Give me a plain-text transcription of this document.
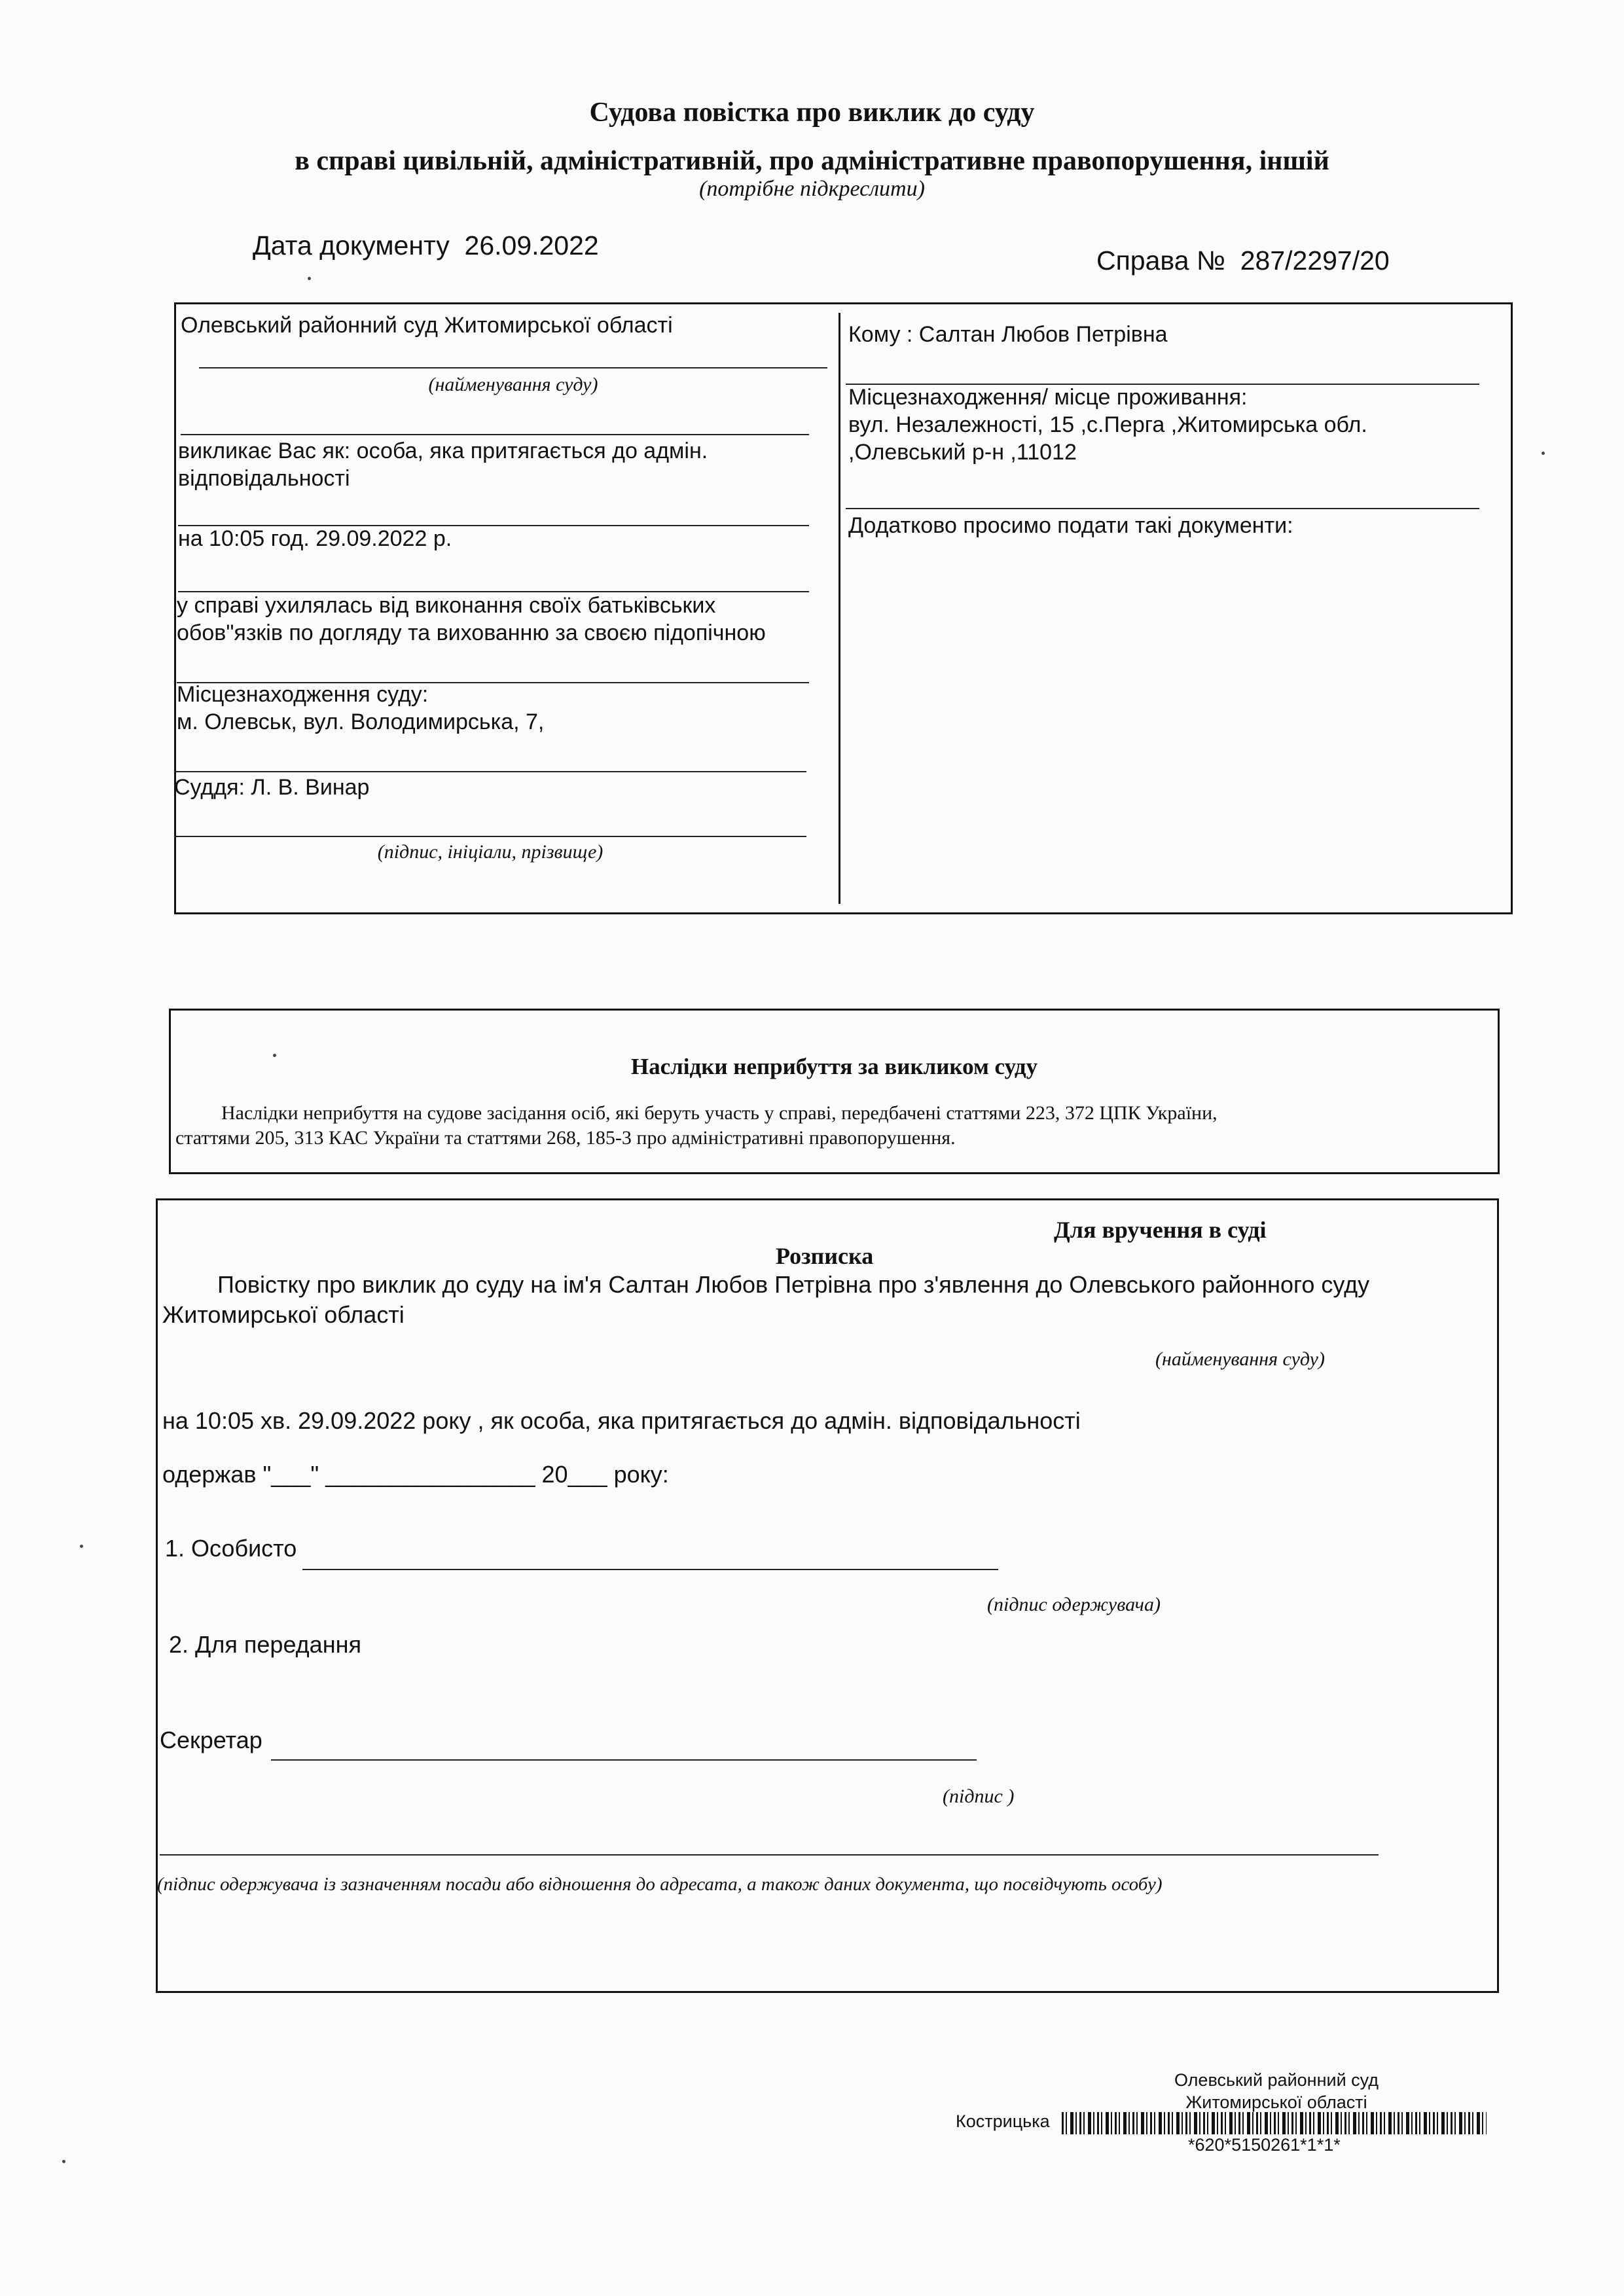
Судова повістка про виклик до суду
в справі цивільній, адміністративній, про адміністративне правопорушення, іншій
(потрібне підкреслити)
Дата документу 26.09.2022	Справа № 287/2297/20
Олевський районний суд Житомирської області
(найменування суду)
викликає Вас як: особа, яка притягається до адмін.
відповідальності
на 10:05 год. 29.09.2022 р.
у справі ухилялась від виконання своїх батьківських
обов"язків по догляду та вихованню за своєю підопічною
Місцезнаходження суду:
м. Олевськ, вул. Володимирська, 7,
Суддя: Л. В. Винар
(підпис, ініціали, прізвище)
Кому : Салтан Любов Петрівна
Місцезнаходження/ місце проживання:
вул. Незалежності, 15 ,с.Перга ,Житомирська обл.
,Олевський р-н ,11012
Додатково просимо подати такі документи:
Наслідки неприбуття за викликом суду
Наслідки неприбуття на судове засідання осіб, які беруть участь у справі, передбачені статтями 223, 372 ЦПК України,
статтями 205, 313 КАС України та статтями 268, 185-3 про адміністративні правопорушення.
Для вручення в суді
Розписка
Повістку про виклик до суду на ім'я Салтан Любов Петрівна про з'явлення до Олевського районного суду
Житомирської області
(найменування суду)
на 10:05 хв. 29.09.2022 року , як особа, яка притягається до адмін. відповідальності
одержав "___" ________________ 20___ року:
1. Особисто
(підпис одержувача)
2. Для передання
Секретар
(підпис )
(підпис одержувача із зазначенням посади або відношення до адресата, а також даних документа, що посвідчують особу)
Олевський районний суд
Житомирської області
Кострицька
*620*5150261*1*1*
